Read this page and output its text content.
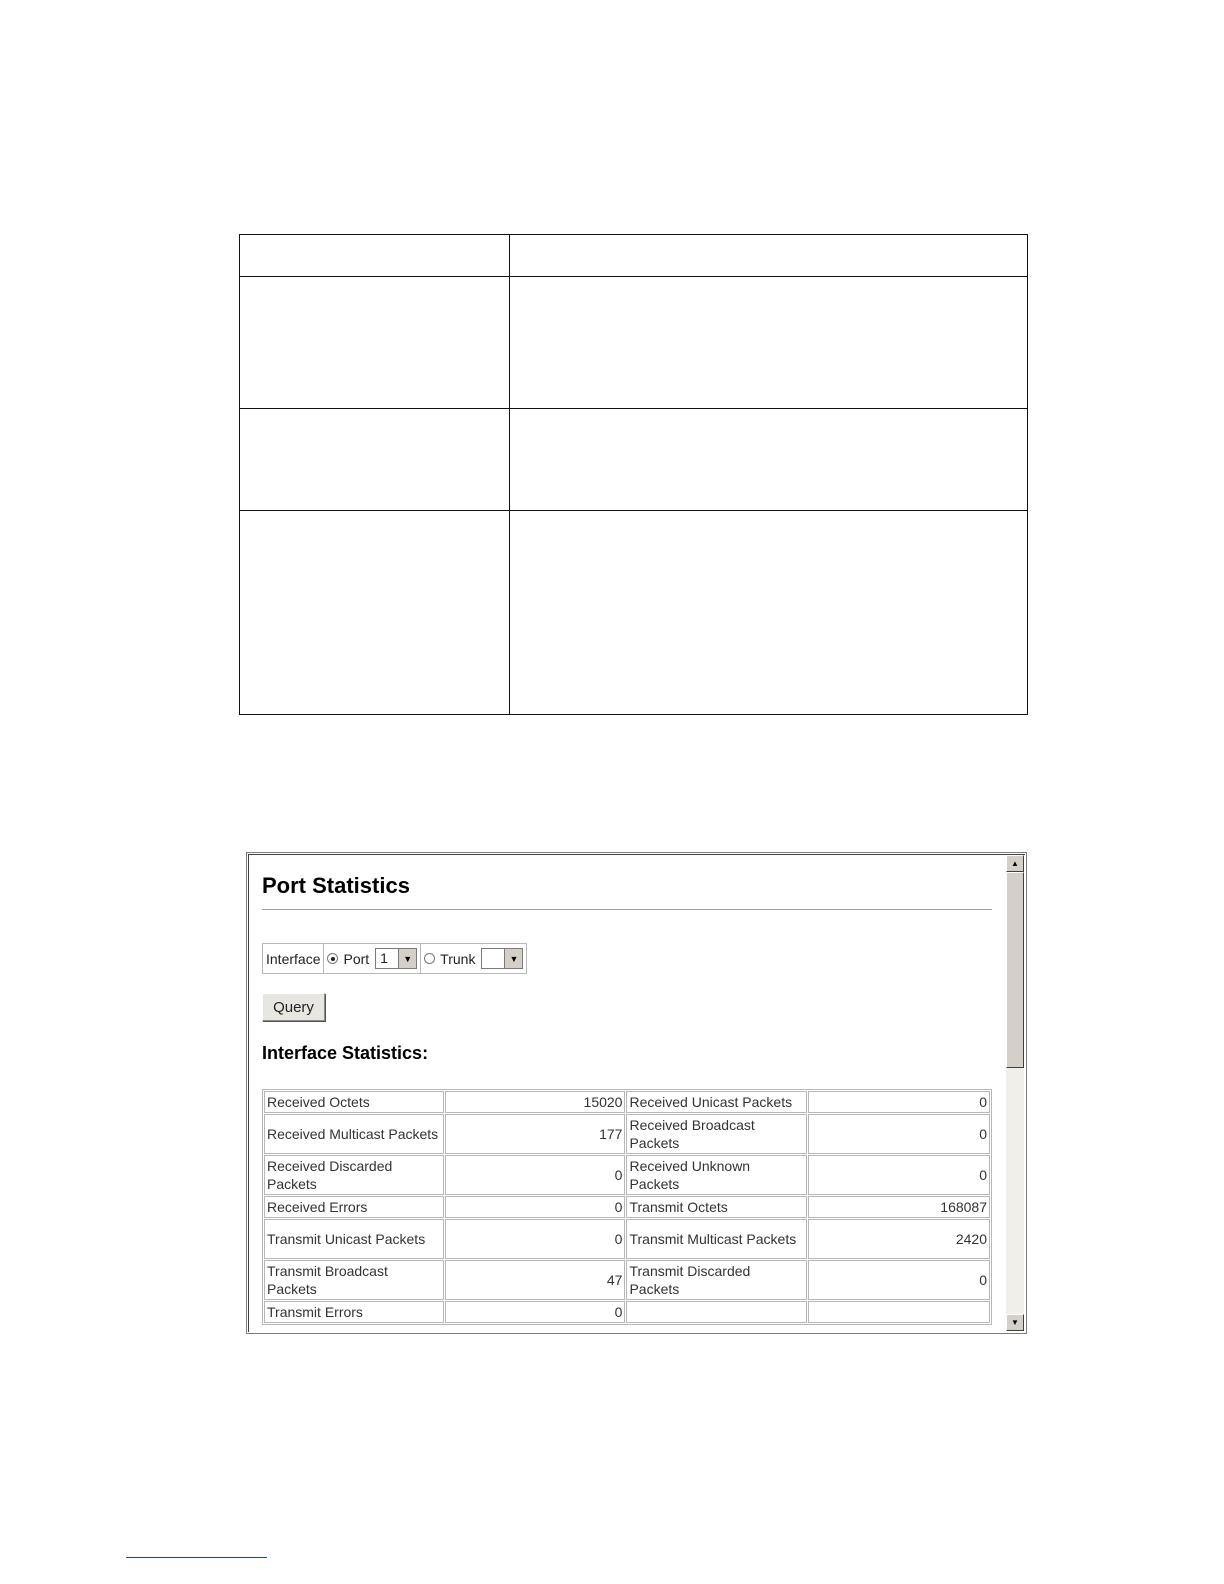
Port Statistics
Interface Port 1	▼ Trunk	▼
Query
Interface Statistics:
Received Octets	15020	Received Unicast Packets	0
Received Multicast Packets	177	Received Broadcast Packets	0
Received Discarded Packets	0	Received Unknown Packets	0
Received Errors	0	Transmit Octets	168087
Transmit Unicast Packets	0	Transmit Multicast Packets	2420
Transmit Broadcast Packets	47	Transmit Discarded Packets	0
Transmit Errors	0		
▲
▼
